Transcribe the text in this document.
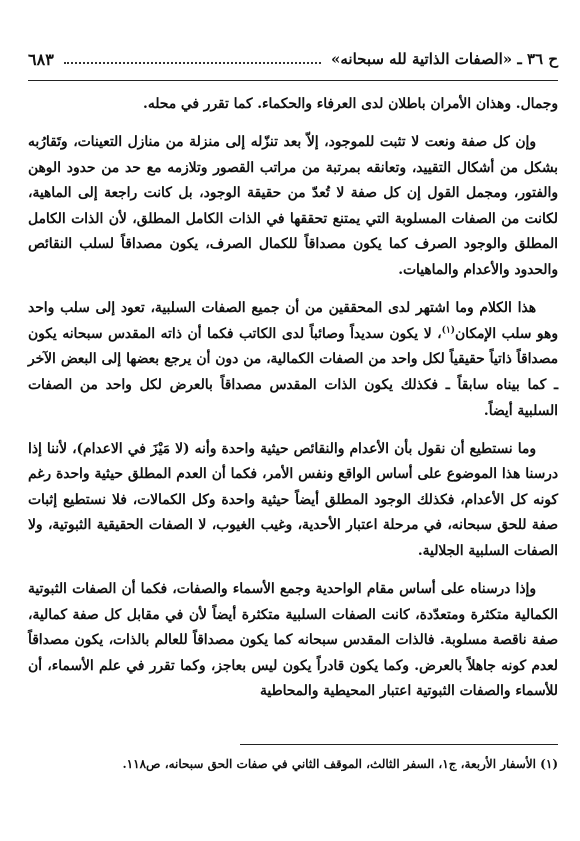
ح ٣٦ ـ «الصفات الذاتية لله سبحانه»
٦٨٣

وجمال. وهذان الأمران باطلان لدى العرفاء والحكماء. كما تقرر في محله.

وإن كل صفة ونعت لا تثبت للموجود، إلاّ بعد تنزّله إلى منزلة من منازل التعينات، وتَقارُبه بشكل من أشكال التقييد، وتعانقه بمرتبة من مراتب القصور وتلازمه مع حد من حدود الوهن والفتور، ومجمل القول إن كل صفة لا تُعدّ من حقيقة الوجود، بل كانت راجعة إلى الماهية، لكانت من الصفات المسلوبة التي يمتنع تحققها في الذات الكامل المطلق، لأن الذات الكامل المطلق والوجود الصرف كما يكون مصداقاً للكمال الصرف، يكون مصداقاً لسلب النقائص والحدود والأعدام والماهيات.

هذا الكلام وما اشتهر لدى المحققين من أن جميع الصفات السلبية، تعود إلى سلب واحد وهو سلب الإمكان$^{(١)}$، لا يكون سديداً وصائباً لدى الكاتب فكما أن ذاته المقدس سبحانه يكون مصداقاً ذاتياً حقيقياً لكل واحد من الصفات الكمالية، من دون أن يرجع بعضها إلى البعض الآخر ـ كما بيناه سابقاً ـ فكذلك يكون الذات المقدس مصداقاً بالعرض لكل واحد من الصفات السلبية أيضاً.

وما نستطيع أن نقول بأن الأعدام والنقائص حيثية واحدة وأنه (لا مَيْزَ في الاعدام)، لأننا إذا درسنا هذا الموضوع على أساس الواقع ونفس الأمر، فكما أن العدم المطلق حيثية واحدة رغم كونه كل الأعدام، فكذلك الوجود المطلق أيضاً حيثية واحدة وكل الكمالات، فلا نستطيع إثبات صفة للحق سبحانه، في مرحلة اعتبار الأحدية، وغيب الغيوب، لا الصفات الحقيقية الثبوتية، ولا الصفات السلبية الجلالية.

وإذا درسناه على أساس مقام الواحدية وجمع الأسماء والصفات، فكما أن الصفات الثبوتية الكمالية متكثرة ومتعدّدة، كانت الصفات السلبية متكثرة أيضاً لأن في مقابل كل صفة كمالية، صفة ناقصة مسلوبة. فالذات المقدس سبحانه كما يكون مصداقاً للعالم بالذات، يكون مصداقاً لعدم كونه جاهلاً بالعرض. وكما يكون قادراً يكون ليس بعاجز، وكما تقرر في علم الأسماء، أن للأسماء والصفات الثبوتية اعتبار المحيطية والمحاطية

(١) الأسفار الأربعة، ج١، السفر الثالث، الموقف الثاني في صفات الحق سبحانه، ص١١٨.
